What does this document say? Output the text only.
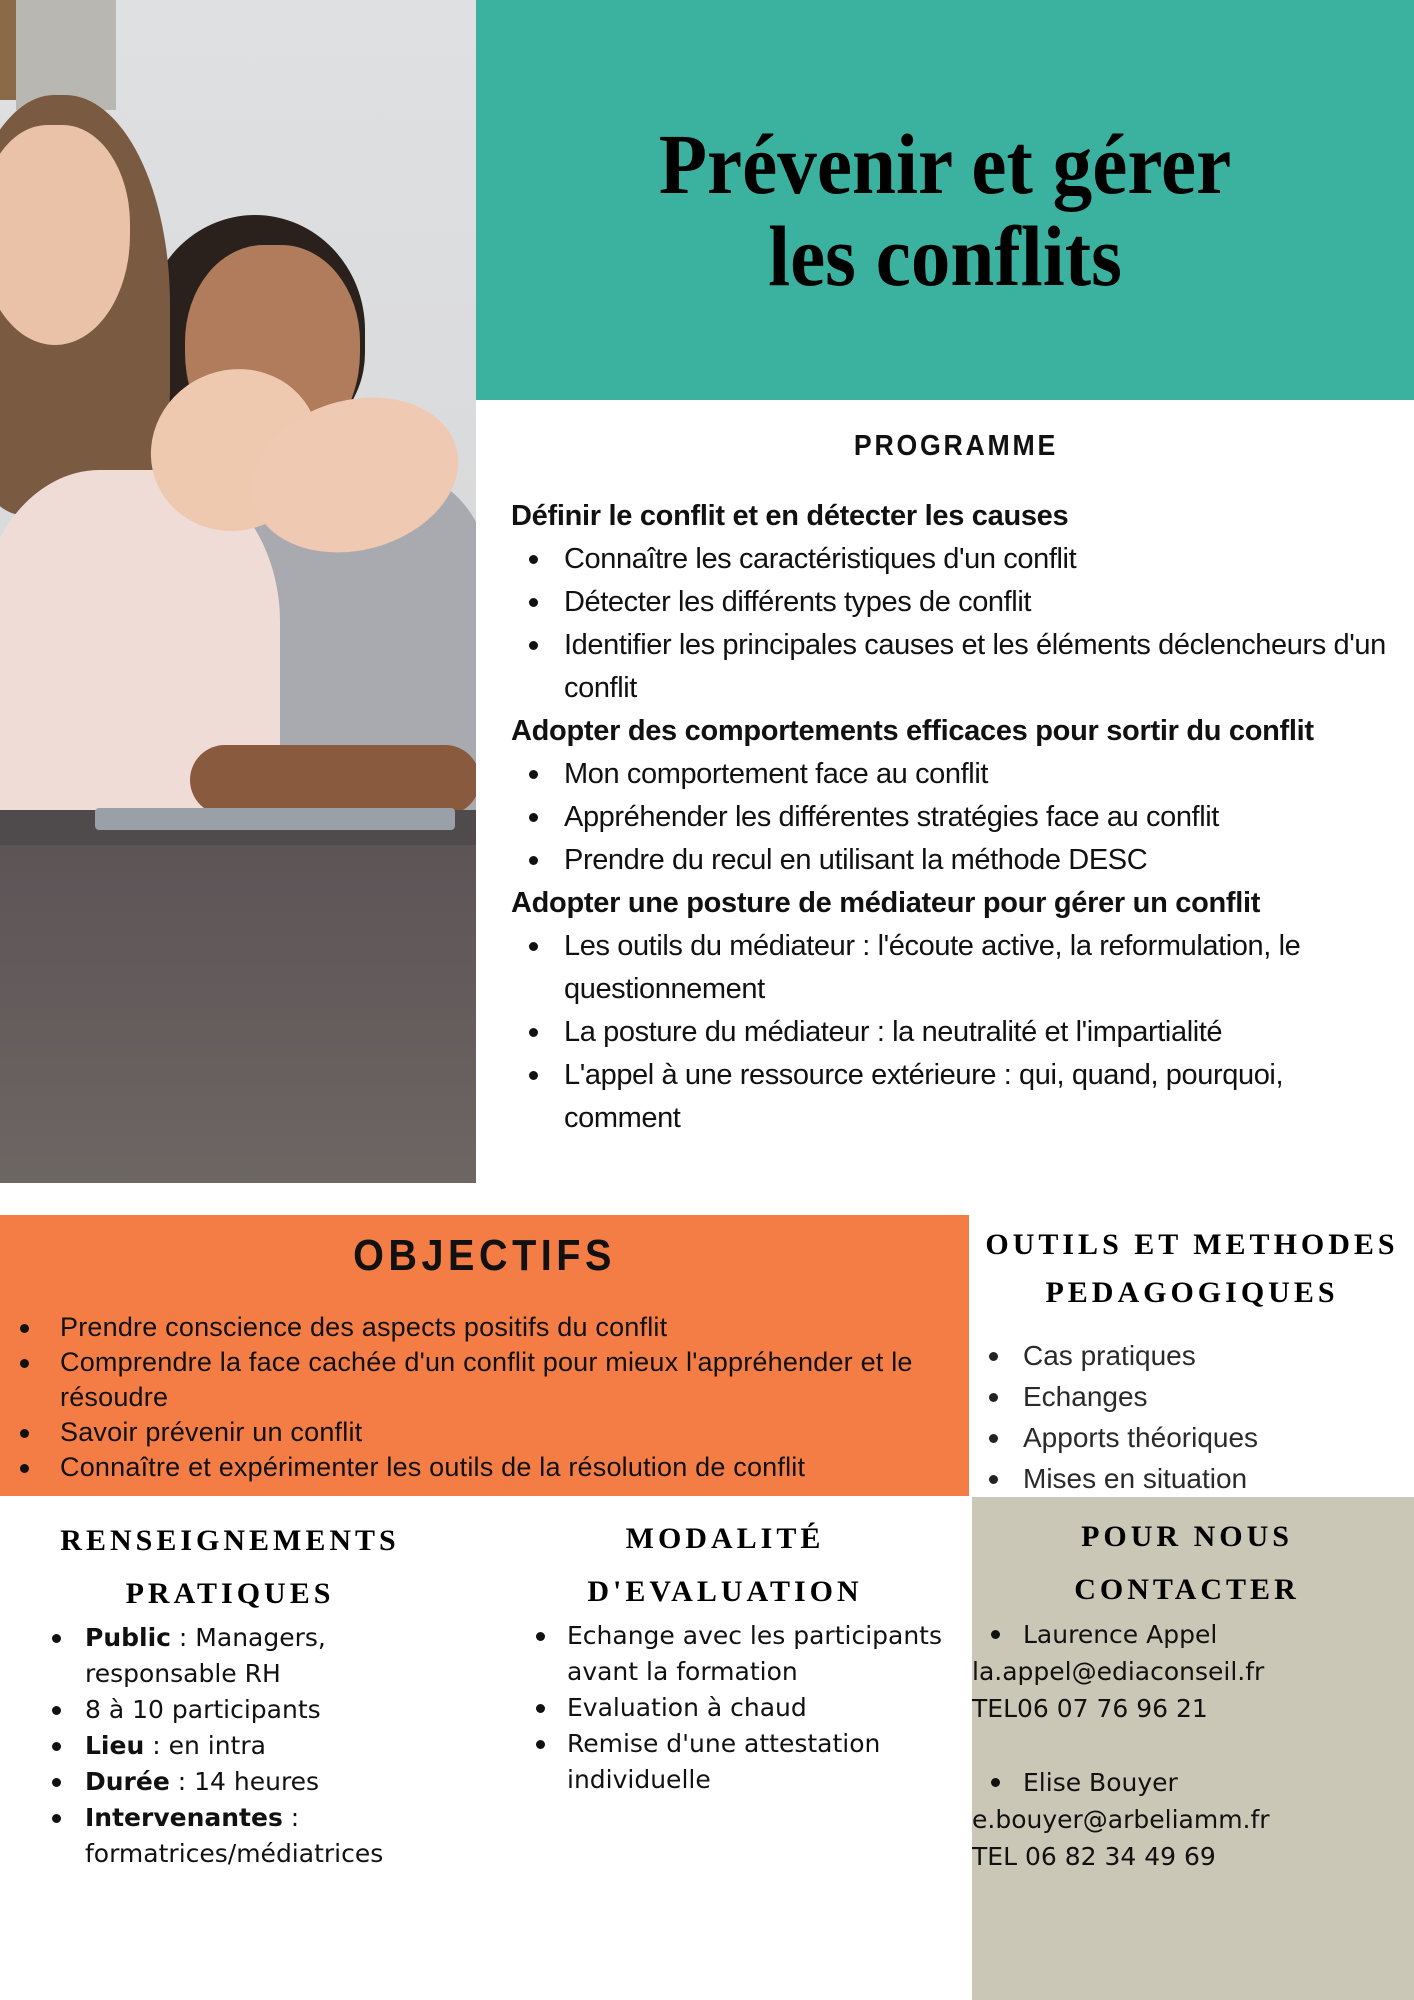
Prévenir et gérer
les conflits
PROGRAMME
Définir le conflit et en détecter les causes
Connaître les caractéristiques d'un conflit
Détecter les différents types de conflit
Identifier les principales causes et les éléments déclencheurs d'un conflit
Adopter des comportements efficaces pour sortir du conflit
Mon comportement face au conflit
Appréhender les différentes stratégies face au conflit
Prendre du recul en utilisant la méthode DESC
Adopter une posture de médiateur pour gérer un conflit
Les outils du médiateur : l'écoute active, la reformulation, le questionnement
La posture du médiateur : la neutralité et l'impartialité
L'appel à une ressource extérieure : qui, quand, pourquoi, comment
OBJECTIFS
Prendre conscience des aspects positifs du conflit
Comprendre la face cachée d'un conflit pour mieux l'appréhender et le résoudre
Savoir prévenir un conflit
Connaître et expérimenter les outils de la résolution de conflit
OUTILS ET METHODES
PEDAGOGIQUES
Cas pratiques
Echanges
Apports théoriques
Mises en situation
RENSEIGNEMENTS
PRATIQUES
Public : Managers, responsable RH
8 à 10 participants
Lieu : en intra
Durée : 14 heures
Intervenantes : formatrices/médiatrices
MODALITÉ
D'EVALUATION
Echange avec les participants avant la formation
Evaluation à chaud
Remise d'une attestation individuelle
POUR NOUS
CONTACTER
Laurence Appel
la.appel@ediaconseil.fr
TEL06 07 76 96 21
Elise Bouyer
e.bouyer@arbeliamm.fr
TEL 06 82 34 49 69
